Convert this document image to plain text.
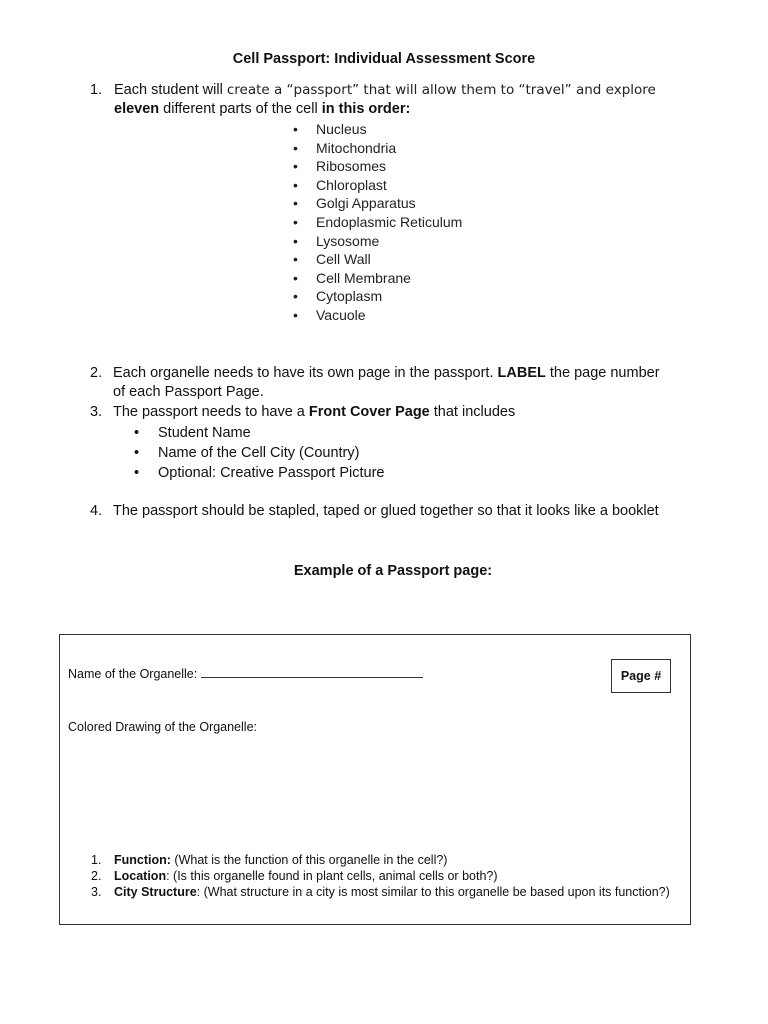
Cell Passport: Individual Assessment Score
1. Each student will create a “passport” that will allow them to “travel” and explore
eleven different parts of the cell in this order:
• Nucleus
• Mitochondria
• Ribosomes
• Chloroplast
• Golgi Apparatus
• Endoplasmic Reticulum
• Lysosome
• Cell Wall
• Cell Membrane
• Cytoplasm
• Vacuole
2. Each organelle needs to have its own page in the passport. LABEL the page number of each Passport Page.
3. The passport needs to have a Front Cover Page that includes
• Student Name
• Name of the Cell City (Country)
• Optional: Creative Passport Picture
4. The passport should be stapled, taped or glued together so that it looks like a booklet
Example of a Passport page:
Name of the Organelle:	Page #
Colored Drawing of the Organelle:
1. Function: (What is the function of this organelle in the cell?)
2. Location: (Is this organelle found in plant cells, animal cells or both?)
3. City Structure: (What structure in a city is most similar to this organelle be based upon its function?)
